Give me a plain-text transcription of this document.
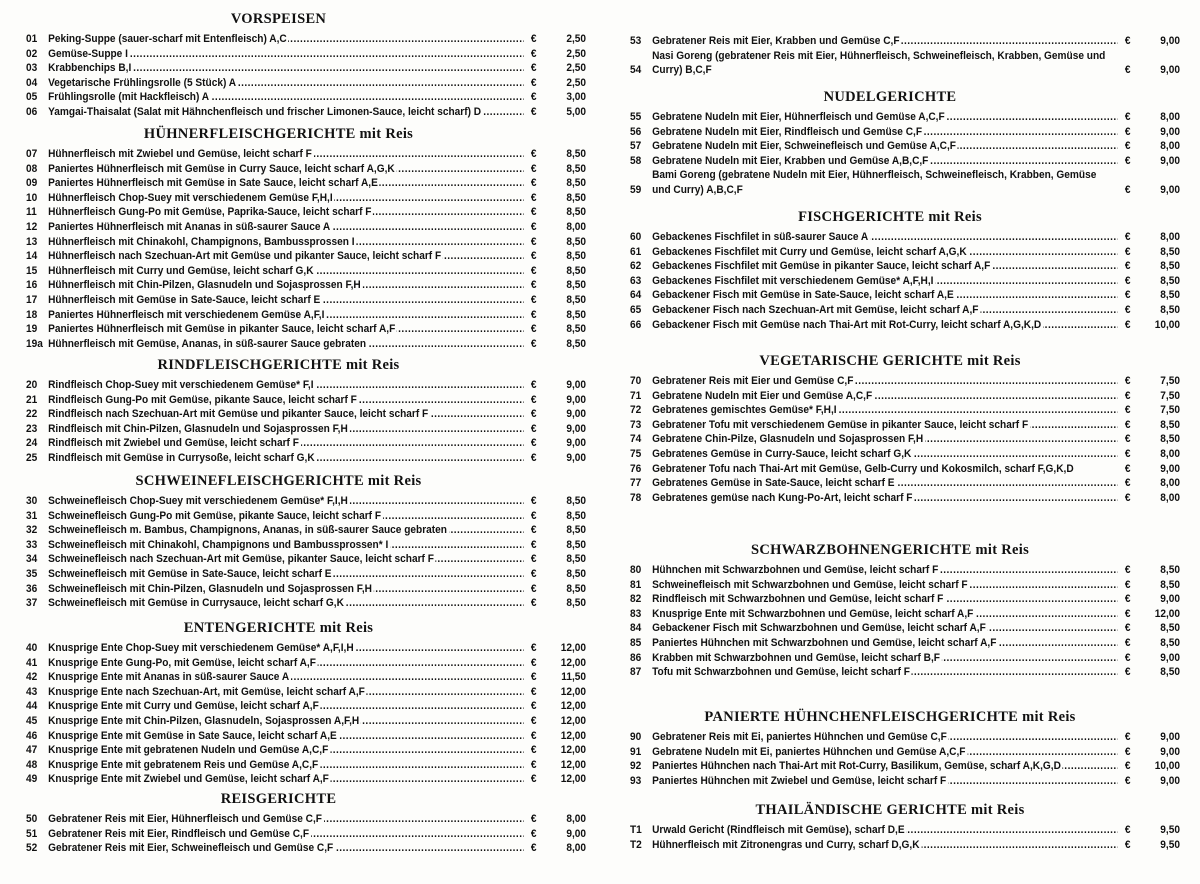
VORSPEISEN
01 Peking-Suppe (sauer-scharf mit Entenfleisch) A,C .....	€	2,50
02 Gemüse-Suppe I .....	€	2,50
03 Krabbenchips B,I .....	€	2,50
04 Vegetarische Frühlingsrolle (5 Stück) A .....	€	2,50
05 Frühlingsrolle (mit Hackfleisch) A .....	€	3,00
06 Yamgai-Thaisalat (Salat mit Hähnchenfleisch und frischer Limonen-Sauce, leicht scharf) D .....	€	5,00
HÜHNERFLEISCHGERICHTE mit Reis
07 Hühnerfleisch mit Zwiebel und Gemüse, leicht scharf F .....	€	8,50
08 Paniertes Hühnerfleisch mit Gemüse in Curry Sauce, leicht scharf A,G,K .....	€	8,50
09 Paniertes Hühnerfleisch mit Gemüse in Sate Sauce, leicht scharf A,E .....	€	8,50
10 Hühnerfleisch Chop-Suey mit verschiedenem Gemüse F,H,I .....	€	8,50
11	Hühnerfleisch Gung-Po mit Gemüse, Paprika-Sauce, leicht scharf F .....	€	8,50
12 Paniertes Hühnerfleisch mit Ananas in süß-saurer Sauce A .....	€	8,00
13 Hühnerfleisch mit Chinakohl, Champignons, Bambussprossen I .....	€	8,50
14 Hühnerfleisch nach Szechuan-Art mit Gemüse und pikanter Sauce, leicht scharf F .....	€	8,50
15 Hühnerfleisch mit Curry und Gemüse, leicht scharf G,K .....	€	8,50
16 Hühnerfleisch mit Chin-Pilzen, Glasnudeln und Sojasprossen F,H .....	€	8,50
17 Hühnerfleisch mit Gemüse in Sate-Sauce, leicht scharf E .....	€	8,50
18 Paniertes Hühnerfleisch mit verschiedenem Gemüse A,F,I .....	€	8,50
19 Paniertes Hühnerfleisch mit Gemüse in pikanter Sauce, leicht scharf A,F .....	€	8,50
19a Hühnerfleisch mit Gemüse, Ananas, in süß-saurer Sauce gebraten .....	€	8,50
RINDFLEISCHGERICHTE mit Reis
20 Rindfleisch Chop-Suey mit verschiedenem Gemüse* F,I .....	€	9,00
21 Rindfleisch Gung-Po mit Gemüse, pikante Sauce, leicht scharf F .....	€	9,00
22 Rindfleisch nach Szechuan-Art mit Gemüse und pikanter Sauce, leicht scharf F .....	€	9,00
23 Rindfleisch mit Chin-Pilzen, Glasnudeln und Sojasprossen F,H .....	€	9,00
24 Rindfleisch mit Zwiebel und Gemüse, leicht scharf F .....	€	9,00
25 Rindfleisch mit Gemüse in Currysoße, leicht scharf G,K .....	€	9,00
SCHWEINEFLEISCHGERICHTE mit Reis
30 Schweinefleisch Chop-Suey mit verschiedenem Gemüse* F,I,H .....	€	8,50
31 Schweinefleisch Gung-Po mit Gemüse, pikante Sauce, leicht scharf F .....	€	8,50
32 Schweinefleisch m. Bambus, Champignons, Ananas, in süß-saurer Sauce gebraten .....	€	8,50
33 Schweinefleisch mit Chinakohl, Champignons und Bambussprossen* I .....	€	8,50
34 Schweinefleisch nach Szechuan-Art mit Gemüse, pikanter Sauce, leicht scharf F .....	€	8,50
35 Schweinefleisch mit Gemüse in Sate-Sauce, leicht scharf E .....	€	8,50
36 Schweinefleisch mit Chin-Pilzen, Glasnudeln und Sojasprossen F,H .....	€	8,50
37 Schweinefleisch mit Gemüse in Currysauce, leicht scharf G,K .....	€	8,50
ENTENGERICHTE mit Reis
40 Knusprige Ente Chop-Suey mit verschiedenem Gemüse* A,F,I,H .....	€	12,00
41 Knusprige Ente Gung-Po, mit Gemüse, leicht scharf A,F .....	€	12,00
42 Knusprige Ente mit Ananas in süß-saurer Sauce A .....	€	11,50
43 Knusprige Ente nach Szechuan-Art, mit Gemüse, leicht scharf A,F .....	€	12,00
44 Knusprige Ente mit Curry und Gemüse, leicht scharf A,F .....	€	12,00
45 Knusprige Ente mit Chin-Pilzen, Glasnudeln, Sojasprossen A,F,H .....	€	12,00
46 Knusprige Ente mit Gemüse in Sate Sauce, leicht scharf A,E .....	€	12,00
47 Knusprige Ente mit gebratenen Nudeln und Gemüse A,C,F .....	€	12,00
48 Knusprige Ente mit gebratenem Reis und Gemüse A,C,F .....	€	12,00
49 Knusprige Ente mit Zwiebel und Gemüse, leicht scharf A,F .....	€	12,00
REISGERICHTE
50 Gebratener Reis mit Eier, Hühnerfleisch und Gemüse C,F .....	€	8,00
51 Gebratener Reis mit Eier, Rindfleisch und Gemüse C,F .....	€	9,00
52 Gebratener Reis mit Eier, Schweinefleisch und Gemüse C,F .....	€	8,00
53 Gebratener Reis mit Eier, Krabben und Gemüse C,F .....	€	9,00
54
Nasi Goreng (gebratener Reis mit Eier, Hühnerfleisch, Schweinefleisch, Krabben, Gemüse und Curry) B,C,F	€	9,00
NUDELGERICHTE
55 Gebratene Nudeln mit Eier, Hühnerfleisch und Gemüse A,C,F .....	€	8,00
56 Gebratene Nudeln mit Eier, Rindfleisch und Gemüse C,F .....	€	9,00
57 Gebratene Nudeln mit Eier, Schweinefleisch und Gemüse A,C,F .....	€	8,00
58 Gebratene Nudeln mit Eier, Krabben und Gemüse A,B,C,F .....	€	9,00
59
Bami Goreng (gebratene Nudeln mit Eier, Hühnerfleisch, Schweinefleisch, Krabben, Gemüse und Curry) A,B,C,F	€	9,00
FISCHGERICHTE mit Reis
60 Gebackenes Fischfilet in süß-saurer Sauce A .....	€	8,00
61 Gebackenes Fischfilet mit Curry und Gemüse, leicht scharf A,G,K .....	€	8,50
62 Gebackenes Fischfilet mit Gemüse in pikanter Sauce, leicht scharf A,F .....	€	8,50
63 Gebackenes Fischfilet mit verschiedenem Gemüse* A,F,H,I .....	€	8,50
64 Gebackener Fisch mit Gemüse in Sate-Sauce, leicht scharf A,E .....	€	8,50
65 Gebackener Fisch nach Szechuan-Art mit Gemüse, leicht scharf A,F .....	€	8,50
66 Gebackener Fisch mit Gemüse nach Thai-Art mit Rot-Curry, leicht scharf A,G,K,D .....	€	10,00
VEGETARISCHE GERICHTE mit Reis
70 Gebratener Reis mit Eier und Gemüse C,F .....	€	7,50
71 Gebratene Nudeln mit Eier und Gemüse A,C,F .....	€	7,50
72 Gebratenes gemischtes Gemüse* F,H,I .....	€	7,50
73 Gebratener Tofu mit verschiedenem Gemüse in pikanter Sauce, leicht scharf F .....	€	8,50
74 Gebratene Chin-Pilze, Glasnudeln und Sojasprossen F,H .....	€	8,50
75 Gebratenes Gemüse in Curry-Sauce, leicht scharf G,K .....	€	8,00
76 Gebratener Tofu nach Thai-Art mit Gemüse, Gelb-Curry und Kokosmilch, scharf F,G,K,D	€	9,00
77 Gebratenes Gemüse in Sate-Sauce, leicht scharf E .....	€	8,00
78 Gebratenes gemüse nach Kung-Po-Art, leicht scharf F .....	€	8,00
SCHWARZBOHNENGERICHTE mit Reis
80 Hühnchen mit Schwarzbohnen und Gemüse, leicht scharf F .....	€	8,50
81 Schweinefleisch mit Schwarzbohnen und Gemüse, leicht scharf F .....	€	8,50
82 Rindfleisch mit Schwarzbohnen und Gemüse, leicht scharf F .....	€	9,00
83 Knusprige Ente mit Schwarzbohnen und Gemüse, leicht scharf A,F .....	€	12,00
84 Gebackener Fisch mit Schwarzbohnen und Gemüse, leicht scharf A,F .....	€	8,50
85 Paniertes Hühnchen mit Schwarzbohnen und Gemüse, leicht scharf A,F .....	€	8,50
86 Krabben mit Schwarzbohnen und Gemüse, leicht scharf B,F .....	€	9,00
87 Tofu mit Schwarzbohnen und Gemüse, leicht scharf F .....	€	8,50
PANIERTE HÜHNCHENFLEISCHGERICHTE mit Reis
90 Gebratener Reis mit Ei, paniertes Hühnchen und Gemüse C,F .....	€	9,00
91 Gebratene Nudeln mit Ei, paniertes Hühnchen und Gemüse A,C,F .....	€	9,00
92 Paniertes Hühnchen nach Thai-Art mit Rot-Curry, Basilikum, Gemüse, scharf A,K,G,D .....	€	10,00
93 Paniertes Hühnchen mit Zwiebel und Gemüse, leicht scharf F .....	€	9,00
THAILÄNDISCHE GERICHTE mit Reis
T1 Urwald Gericht (Rindfleisch mit Gemüse), scharf D,E .....	€	9,50
T2 Hühnerfleisch mit Zitronengras und Curry, scharf D,G,K .....	€	9,50
